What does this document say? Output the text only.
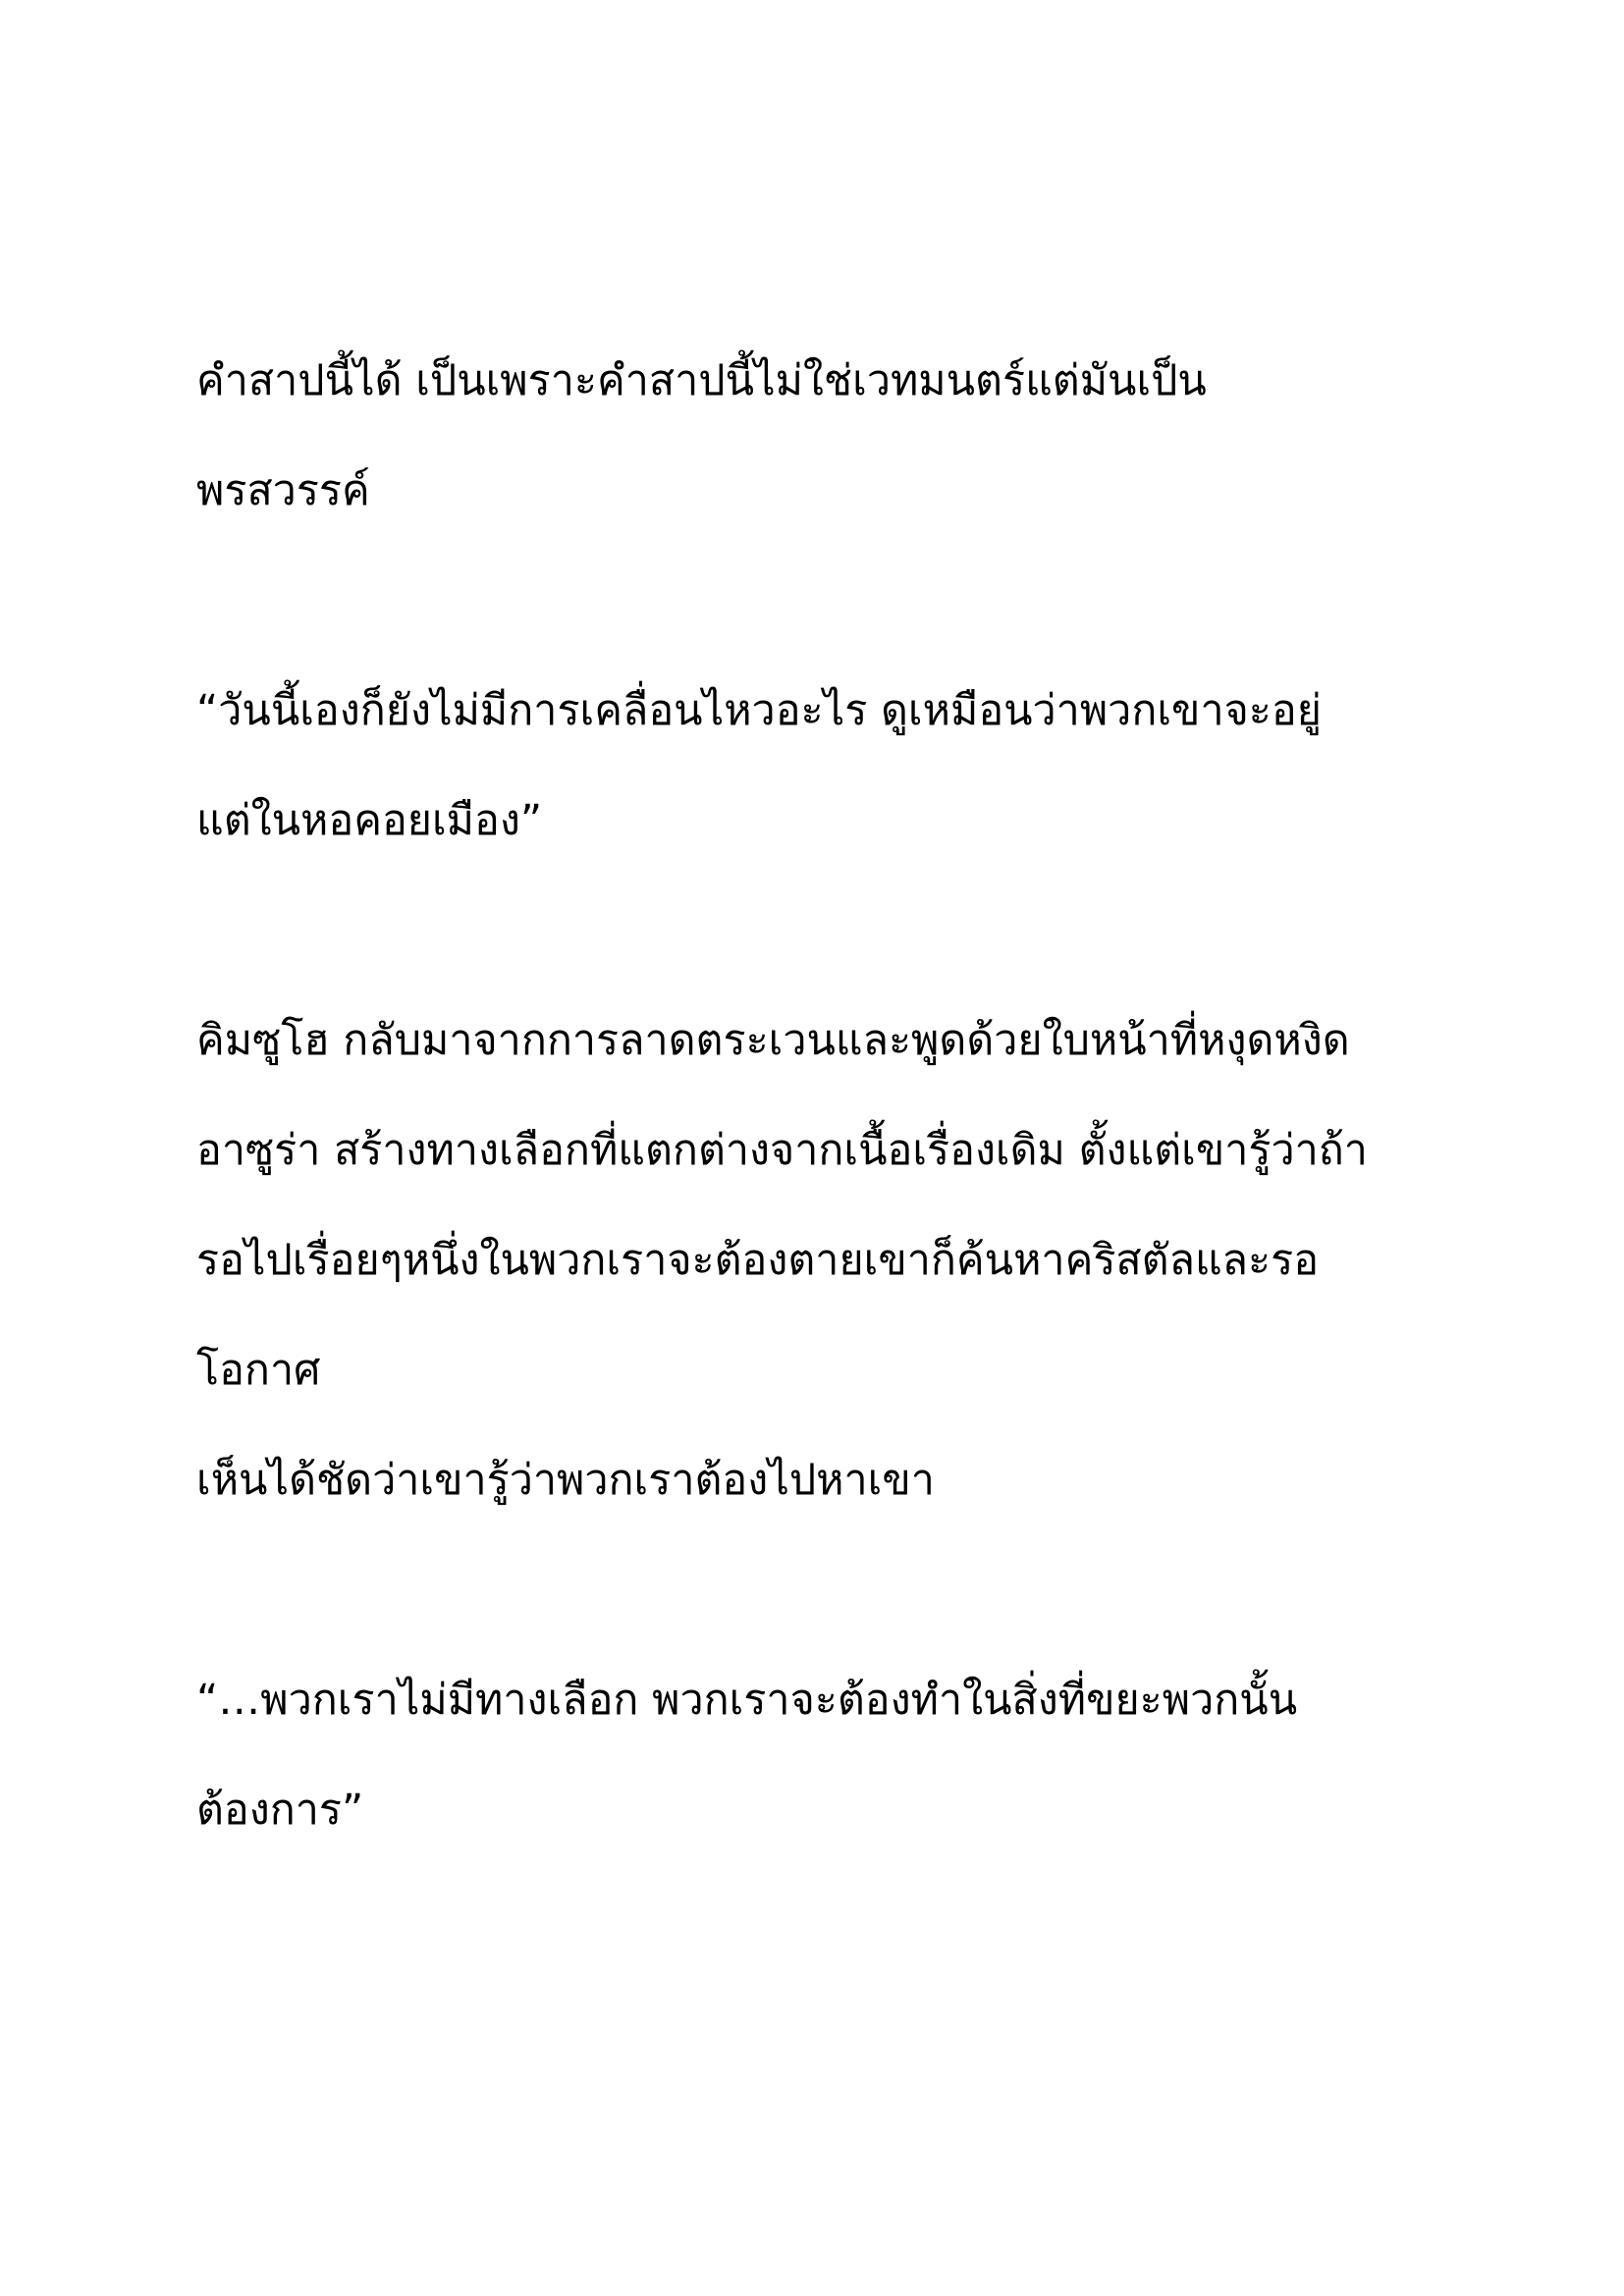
คำสาปนี้ได้ เป็นเพราะคำสาปนี้ไม่ใช่เวทมนตร์แต่มันเป็น
พรสวรรค์
“วันนี้เองก็ยังไม่มีการเคลื่อนไหวอะไร ดูเหมือนว่าพวกเขาจะอยู่
แต่ในหอคอยเมือง”
คิมซูโฮ กลับมาจากการลาดตระเวนและพูดด้วยใบหน้าที่หงุดหงิด
อาซูร่า สร้างทางเลือกที่แตกต่างจากเนื้อเรื่องเดิม ตั้งแต่เขารู้ว่าถ้า
รอไปเรื่อยๆหนึ่งในพวกเราจะต้องตายเขาก็ค้นหาคริสตัลและรอ
โอกาศ
เห็นได้ชัดว่าเขารู้ว่าพวกเราต้องไปหาเขา
“…พวกเราไม่มีทางเลือก พวกเราจะต้องทำในสิ่งที่ขยะพวกนั้น
ต้องการ”
